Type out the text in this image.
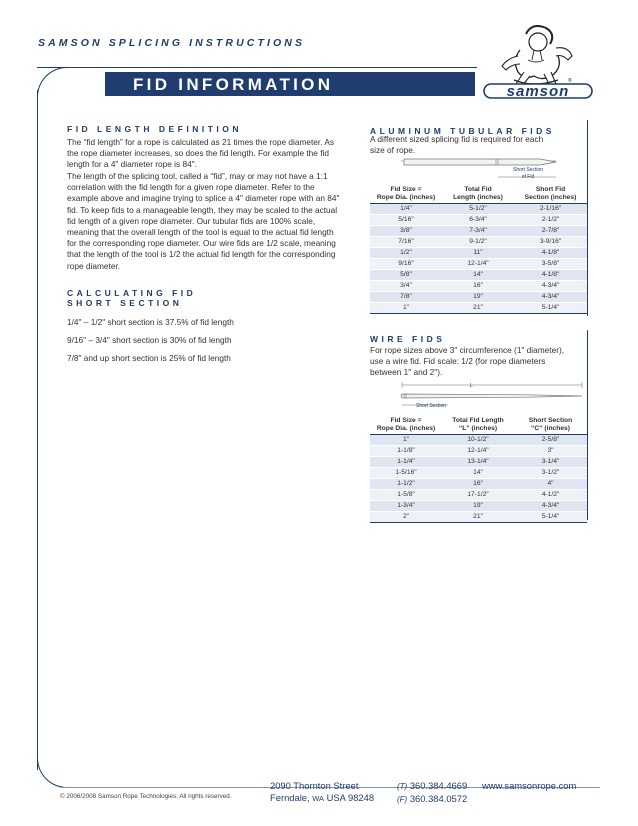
SAMSON SPLICING INSTRUCTIONS
FID INFORMATION	®
samson
FID LENGTH DEFINITION
The “fid length” for a rope is calculated as 21 times the rope diameter. As the rope diameter increases, so does the fid length. For example the fid length for a 4" diameter rope is 84".
The length of the splicing tool, called a “fid”, may or may not have a 1:1 correlation with the fid length for a given rope diameter. Refer to the example above and imagine trying to splice a 4" diameter rope with an 84" fid. To keep fids to a manageable length, they may be scaled to the actual fid length of a given rope diameter. Our tubular fids are 100% scale, meaning that the overall length of the tool is equal to the actual fid length for the corresponding rope diameter. Our wire fids are 1/2 scale, meaning that the length of the tool is 1/2 the actual fid length for the corresponding rope diameter.
CALCULATING FID
SHORT SECTION
1/4" – 1/2" short section is 37.5% of fid length
9/16" – 3/4" short section is 30% of fid length
7/8" and up short section is 25% of fid length
ALUMINUM TUBULAR FIDS
A different sized splicing fid is required for each size of rope.
Short Section
of Fid
Fid Size =
Rope Dia. (inches)	Total Fid
Length (inches)	Short Fid
Section (inches)
1/4"	5-1/2"	2-1/16"
5/16"	6-3/4"	2-1/2"
3/8"	7-3/4"	2-7/8"
7/16"	9-1/2"	3-9/16"
1/2"	11"	4-1/8"
9/16"	12-1/4"	3-5/8"
5/8"	14"	4-1/8"
3/4"	16"	4-3/4"
7/8"	19"	4-3/4"
1"	21"	5-1/4"
WIRE FIDS
For rope sizes above 3" circumference (1" diameter), use a wire fid. Fid scale: 1/2 (for rope diameters between 1" and 2").
L
Short Section
Fid Size =
Rope Dia. (inches)	Total Fid Length
“L” (inches)	Short Section
“C” (inches)
1"	10-1/2"	2-5/8"
1-1/8"	12-1/4"	3"
1-1/4"	13-1/4"	3-1/4"
1-5/16"	14"	3-1/2"
1-1/2"	16"	4"
1-5/8"	17-1/2"	4-1/2"
1-3/4"	19"	4-3/4"
2"	21"	5-1/4"
© 2006/2008 Samson Rope Technologies. All rights reserved.
2090 Thornton Street
Ferndale, WA USA 98248
(T) 360.384.4669
(F) 360.384.0572
www.samsonrope.com
